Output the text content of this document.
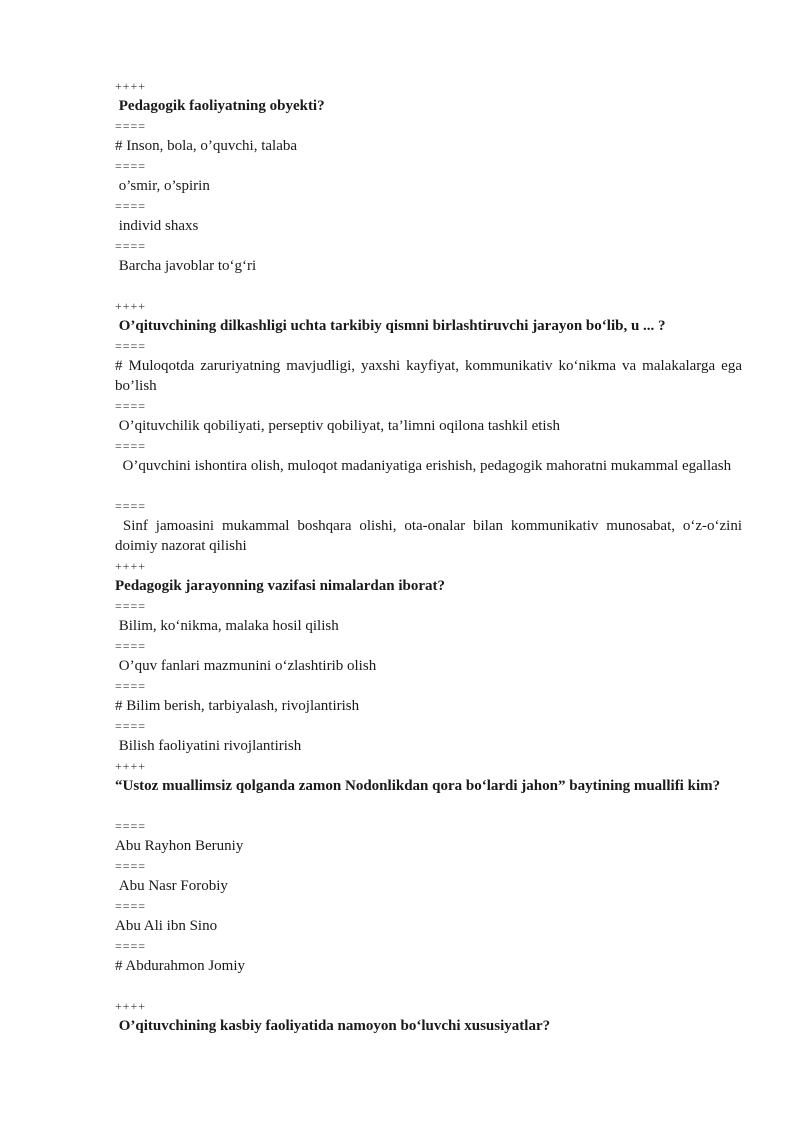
++++
Pedagogik faoliyatning obyekti?
====
# Inson, bola, o’quvchi, talaba
====
o’smir, o’spirin
====
individ shaxs
====
Barcha javoblar toʻgʻri
++++
O’qituvchining dilkashligi uchta tarkibiy qismni birlashtiruvchi jarayon boʻlib, u ... ?
====
# Muloqotda zaruriyatning mavjudligi, yaxshi kayfiyat, kommunikativ koʻnikma va malakalarga ega bo’lish
====
O’qituvchilik qobiliyati, perseptiv qobiliyat, ta’limni oqilona tashkil etish
====
O’quvchini ishontira olish, muloqot madaniyatiga erishish, pedagogik mahoratni mukammal egallash
====
Sinf jamoasini mukammal boshqara olishi, ota-onalar bilan kommunikativ munosabat, oʻz-oʻzini doimiy nazorat qilishi
++++
Pedagogik jarayonning vazifasi nimalardan iborat?
====
Bilim, koʻnikma, malaka hosil qilish
====
O’quv fanlari mazmunini oʻzlashtirib olish
====
# Bilim berish, tarbiyalash, rivojlantirish
====
Bilish faoliyatini rivojlantirish
++++
“Ustoz muallimsiz qolganda zamon Nodonlikdan qora boʻlardi jahon” baytining muallifi kim?
====
Abu Rayhon Beruniy
====
Abu Nasr Forobiy
====
Abu Ali ibn Sino
====
# Abdurahmon Jomiy
++++
O’qituvchining kasbiy faoliyatida namoyon boʻluvchi xususiyatlar?
